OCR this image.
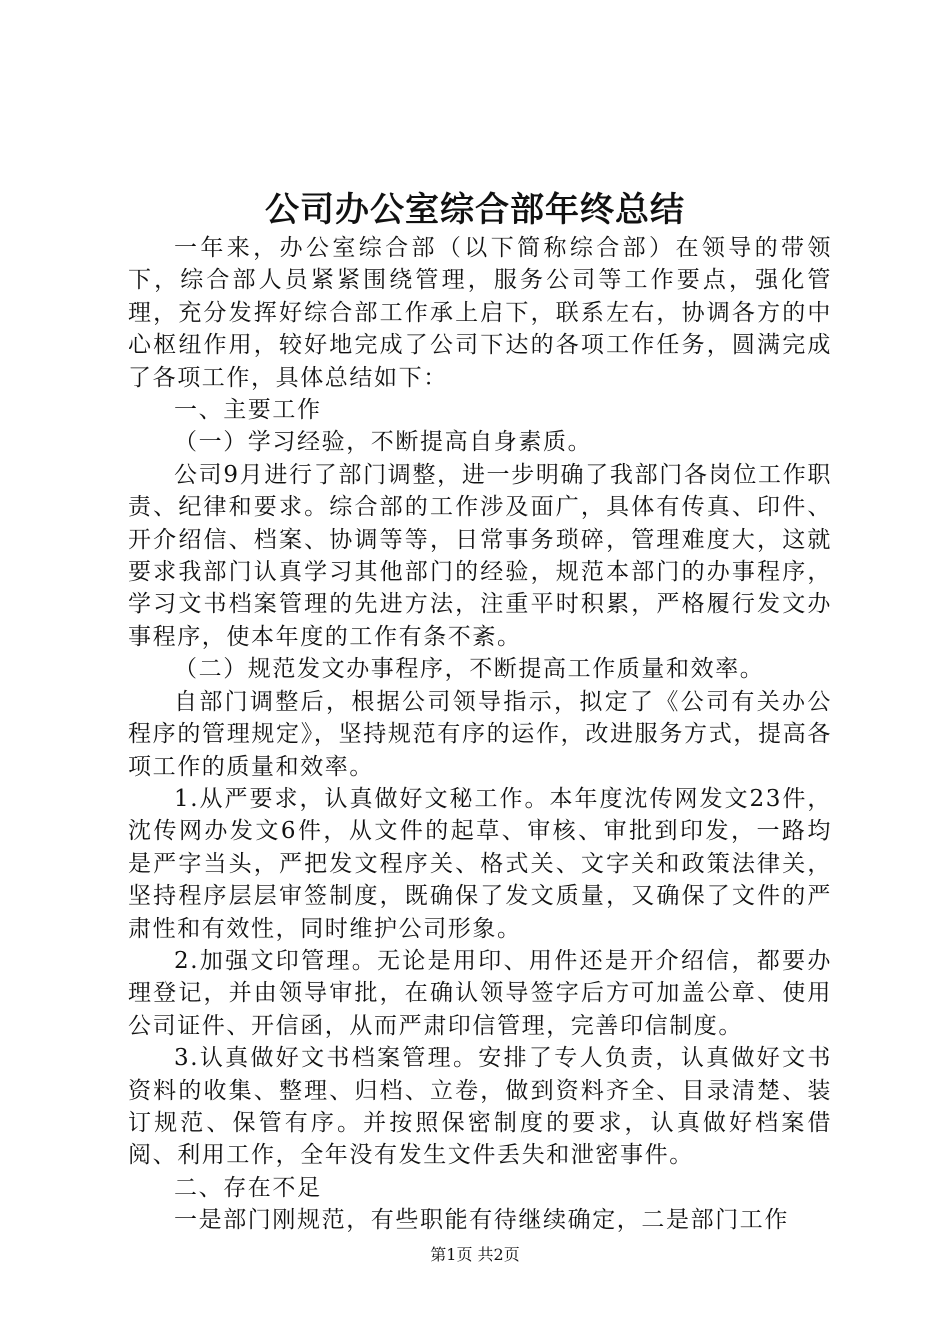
公司办公室综合部年终总结

一年来，办公室综合部（以下简称综合部）在领导的带领下，综合部人员紧紧围绕管理，服务公司等工作要点，强化管理，充分发挥好综合部工作承上启下，联系左右，协调各方的中心枢纽作用，较好地完成了公司下达的各项工作任务，圆满完成了各项工作，具体总结如下：

一、主要工作

（一）学习经验，不断提高自身素质。

公司9月进行了部门调整，进一步明确了我部门各岗位工作职责、纪律和要求。综合部的工作涉及面广，具体有传真、印件、开介绍信、档案、协调等等，日常事务琐碎，管理难度大，这就要求我部门认真学习其他部门的经验，规范本部门的办事程序，学习文书档案管理的先进方法，注重平时积累，严格履行发文办事程序，使本年度的工作有条不紊。

（二）规范发文办事程序，不断提高工作质量和效率。

自部门调整后，根据公司领导指示，拟定了《公司有关办公程序的管理规定》，坚持规范有序的运作，改进服务方式，提高各项工作的质量和效率。

1.从严要求，认真做好文秘工作。本年度沈传网发文23件，沈传网办发文6件，从文件的起草、审核、审批到印发，一路均是严字当头，严把发文程序关、格式关、文字关和政策法律关，坚持程序层层审签制度，既确保了发文质量，又确保了文件的严肃性和有效性，同时维护公司形象。

2.加强文印管理。无论是用印、用件还是开介绍信，都要办理登记，并由领导审批，在确认领导签字后方可加盖公章、使用公司证件、开信函，从而严肃印信管理，完善印信制度。

3.认真做好文书档案管理。安排了专人负责，认真做好文书资料的收集、整理、归档、立卷，做到资料齐全、目录清楚、装订规范、保管有序。并按照保密制度的要求，认真做好档案借阅、利用工作，全年没有发生文件丢失和泄密事件。

二、存在不足

一是部门刚规范，有些职能有待继续确定，二是部门工作

第1页 共2页
